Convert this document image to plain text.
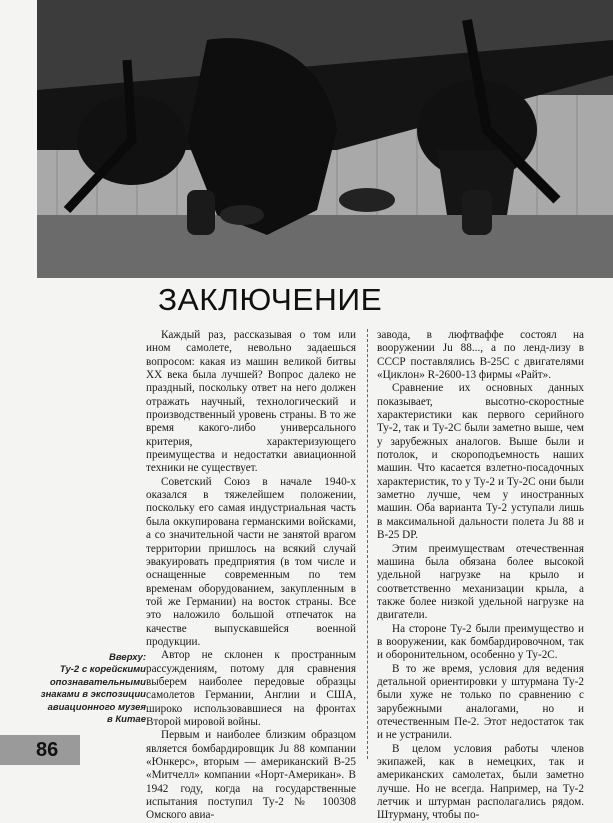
ЗАКЛЮЧЕНИЕ

Каждый раз, рассказывая о том или ином самолете, невольно задаешься вопросом: какая из машин великой битвы XX века была лучшей? Вопрос далеко не праздный, поскольку ответ на него должен отражать научный, технологический и производственный уровень страны. В то же время какого-либо универсального критерия, характеризующего преимущества и недостатки авиационной техники не существует.

Советский Союз в начале 1940-х оказался в тяжелейшем положении, поскольку его самая индустриальная часть была оккупирована германскими войсками, а со значительной части не занятой врагом территории пришлось на всякий случай эвакуировать предприятия (в том числе и оснащенные современным по тем временам оборудованием, закупленным в той же Германии) на восток страны. Все это наложило большой отпечаток на качестве выпускавшейся военной продукции.

Автор не склонен к пространным рассуждениям, потому для сравнения выберем наиболее передовые образцы самолетов Германии, Англии и США, широко использовавшиеся на фронтах Второй мировой войны.

Первым и наиболее близким образцом является бомбардировщик Ju 88 компании «Юнкерс», вторым — американский В-25 «Митчелл» компании «Норт-Американ». В 1942 году, когда на государственные испытания поступил Ту-2 № 100308 Омского авиа-

завода, в люфтваффе состоял на вооружении Ju 88..., а по ленд-лизу в СССР поставлялись В-25С с двигателями «Циклон» R-2600-13 фирмы «Райт».

Сравнение их основных данных показывает, высотно-скоростные характеристики как первого серийного Ту-2, так и Ту-2С были заметно выше, чем у зарубежных аналогов. Выше были и потолок, и скороподъемность наших машин. Что касается взлетно-посадочных характеристик, то у Ту-2 и Ту-2С они были заметно лучше, чем у иностранных машин. Оба варианта Ту-2 уступали лишь в максимальной дальности полета Ju 88 и В-25 DP.

Этим преимуществам отечественная машина была обязана более высокой удельной нагрузке на крыло и соответственно механизации крыла, а также более низкой удельной нагрузке на двигатели.

На стороне Ту-2 были преимущество и в вооружении, как бомбардировочном, так и оборонительном, особенно у Ту-2С.

В то же время, условия для ведения детальной ориентировки у штурмана Ту-2 были хуже не только по сравнению с зарубежными аналогами, но и отечественным Пе-2. Этот недостаток так и не устранили.

В целом условия работы членов экипажей, как в немецких, так и американских самолетах, были заметно лучше. Но не всегда. Например, на Ту-2 летчик и штурман располагались рядом. Штурману, чтобы по-

Вверху:
Ту-2 с корейскими
опознавательными
знаками в экспозиции
авиационного музея
в Китае
86
